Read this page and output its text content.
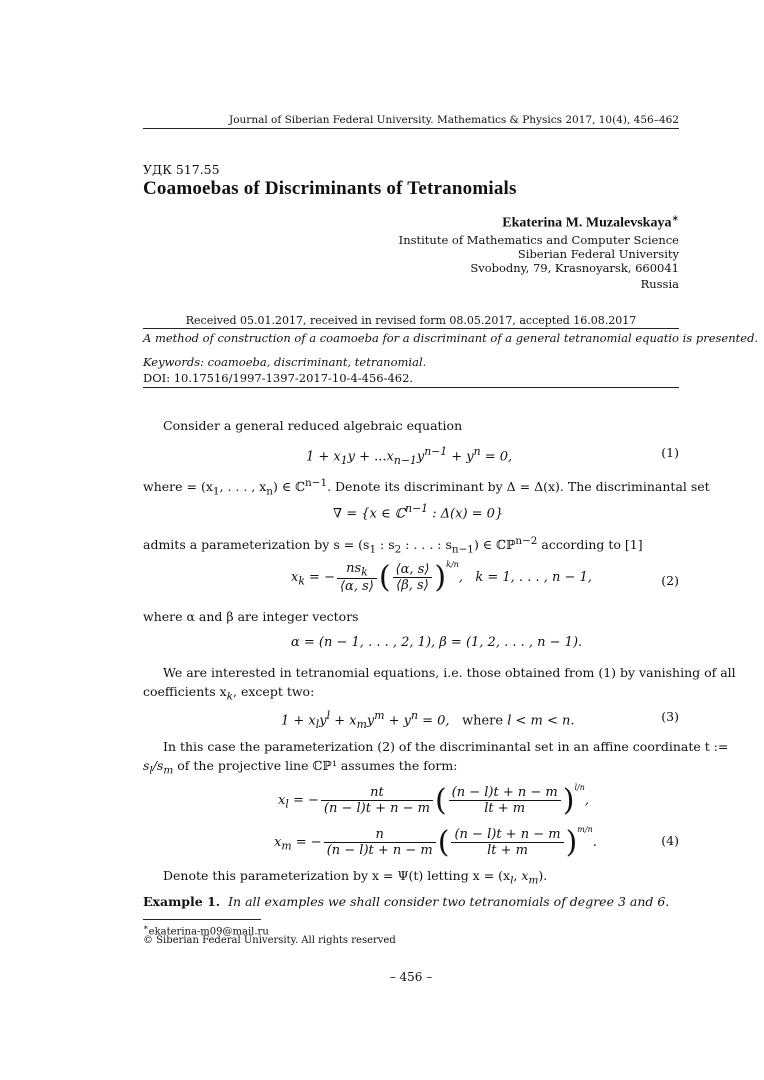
Journal of Siberian Federal University. Mathematics & Physics 2017, 10(4), 456–462
УДК 517.55
Coamoebas of Discriminants of Tetranomials
Ekaterina M. Muzalevskaya∗
Institute of Mathematics and Computer Science
Siberian Federal University
Svobodny, 79, Krasnoyarsk, 660041
Russia
Received 05.01.2017, received in revised form 08.05.2017, accepted 16.08.2017
A method of construction of a coamoeba for a discriminant of a general tetranomial equatio is presented.
Keywords: coamoeba, discriminant, tetranomial.
DOI: 10.17516/1997-1397-2017-10-4-456-462.
Consider a general reduced algebraic equation
$1 + x_1y + ...x_{n-1}y^{n-1} + y^n = 0$,	(1)
where = ($x_1$, . . . , $x_n$) ∈ ℂ$^{n-1}$. Denote its discriminant by Δ = Δ(x). The discriminantal set
∇ = {x ∈ ℂ$^{n-1}$ : Δ(x) = 0}
admits a parameterization by $s = (s_1$ : $s_2$ : . . . : $s_{n-1}$) ∈ ℂℙ$^{n-2}$ according to [1]
$x_k$ = − $\frac{ns_k}{⟨\alpha, s⟩}$ ( $\frac{⟨\alpha, s⟩}{⟨\beta, s⟩} )^{k/n}$,   k = 1, . . . , n − 1,	(2)
where α and β are integer vectors
α = (n − 1, . . . , 2, 1), β = (1, 2, . . . , n − 1).
We are interested in tetranomial equations, i.e. those obtained from (1) by vanishing of all
coefficients $x_k$, except two:
$1 + x_ly^l + x_my^m + y^n = 0$,   where l < m < n.	(3)
In this case the parameterization (2) of the discriminantal set in an affine coordinate t :=
$s_l/s_m$ of the projective line ℂℙ¹ assumes the form:
$x_l$ = − $\frac{nt}{(n - l)t + n - m}$ ( $\frac{(n - l)t + n - m}{lt + m} )^{l/n}$,
$x_m$ = − $\frac{n}{(n - l)t + n - m}$ ( $\frac{(n - l)t + n - m}{lt + m} )^{m/n}$.	(4)
Denote this parameterization by x = Ψ(t) letting $x = (x_l$, $x_m$).
Example 1. In all examples we shall consider two tetranomials of degree 3 and 6.
∗ekaterina-m09@mail.ru
© Siberian Federal University. All rights reserved
– 456 –
